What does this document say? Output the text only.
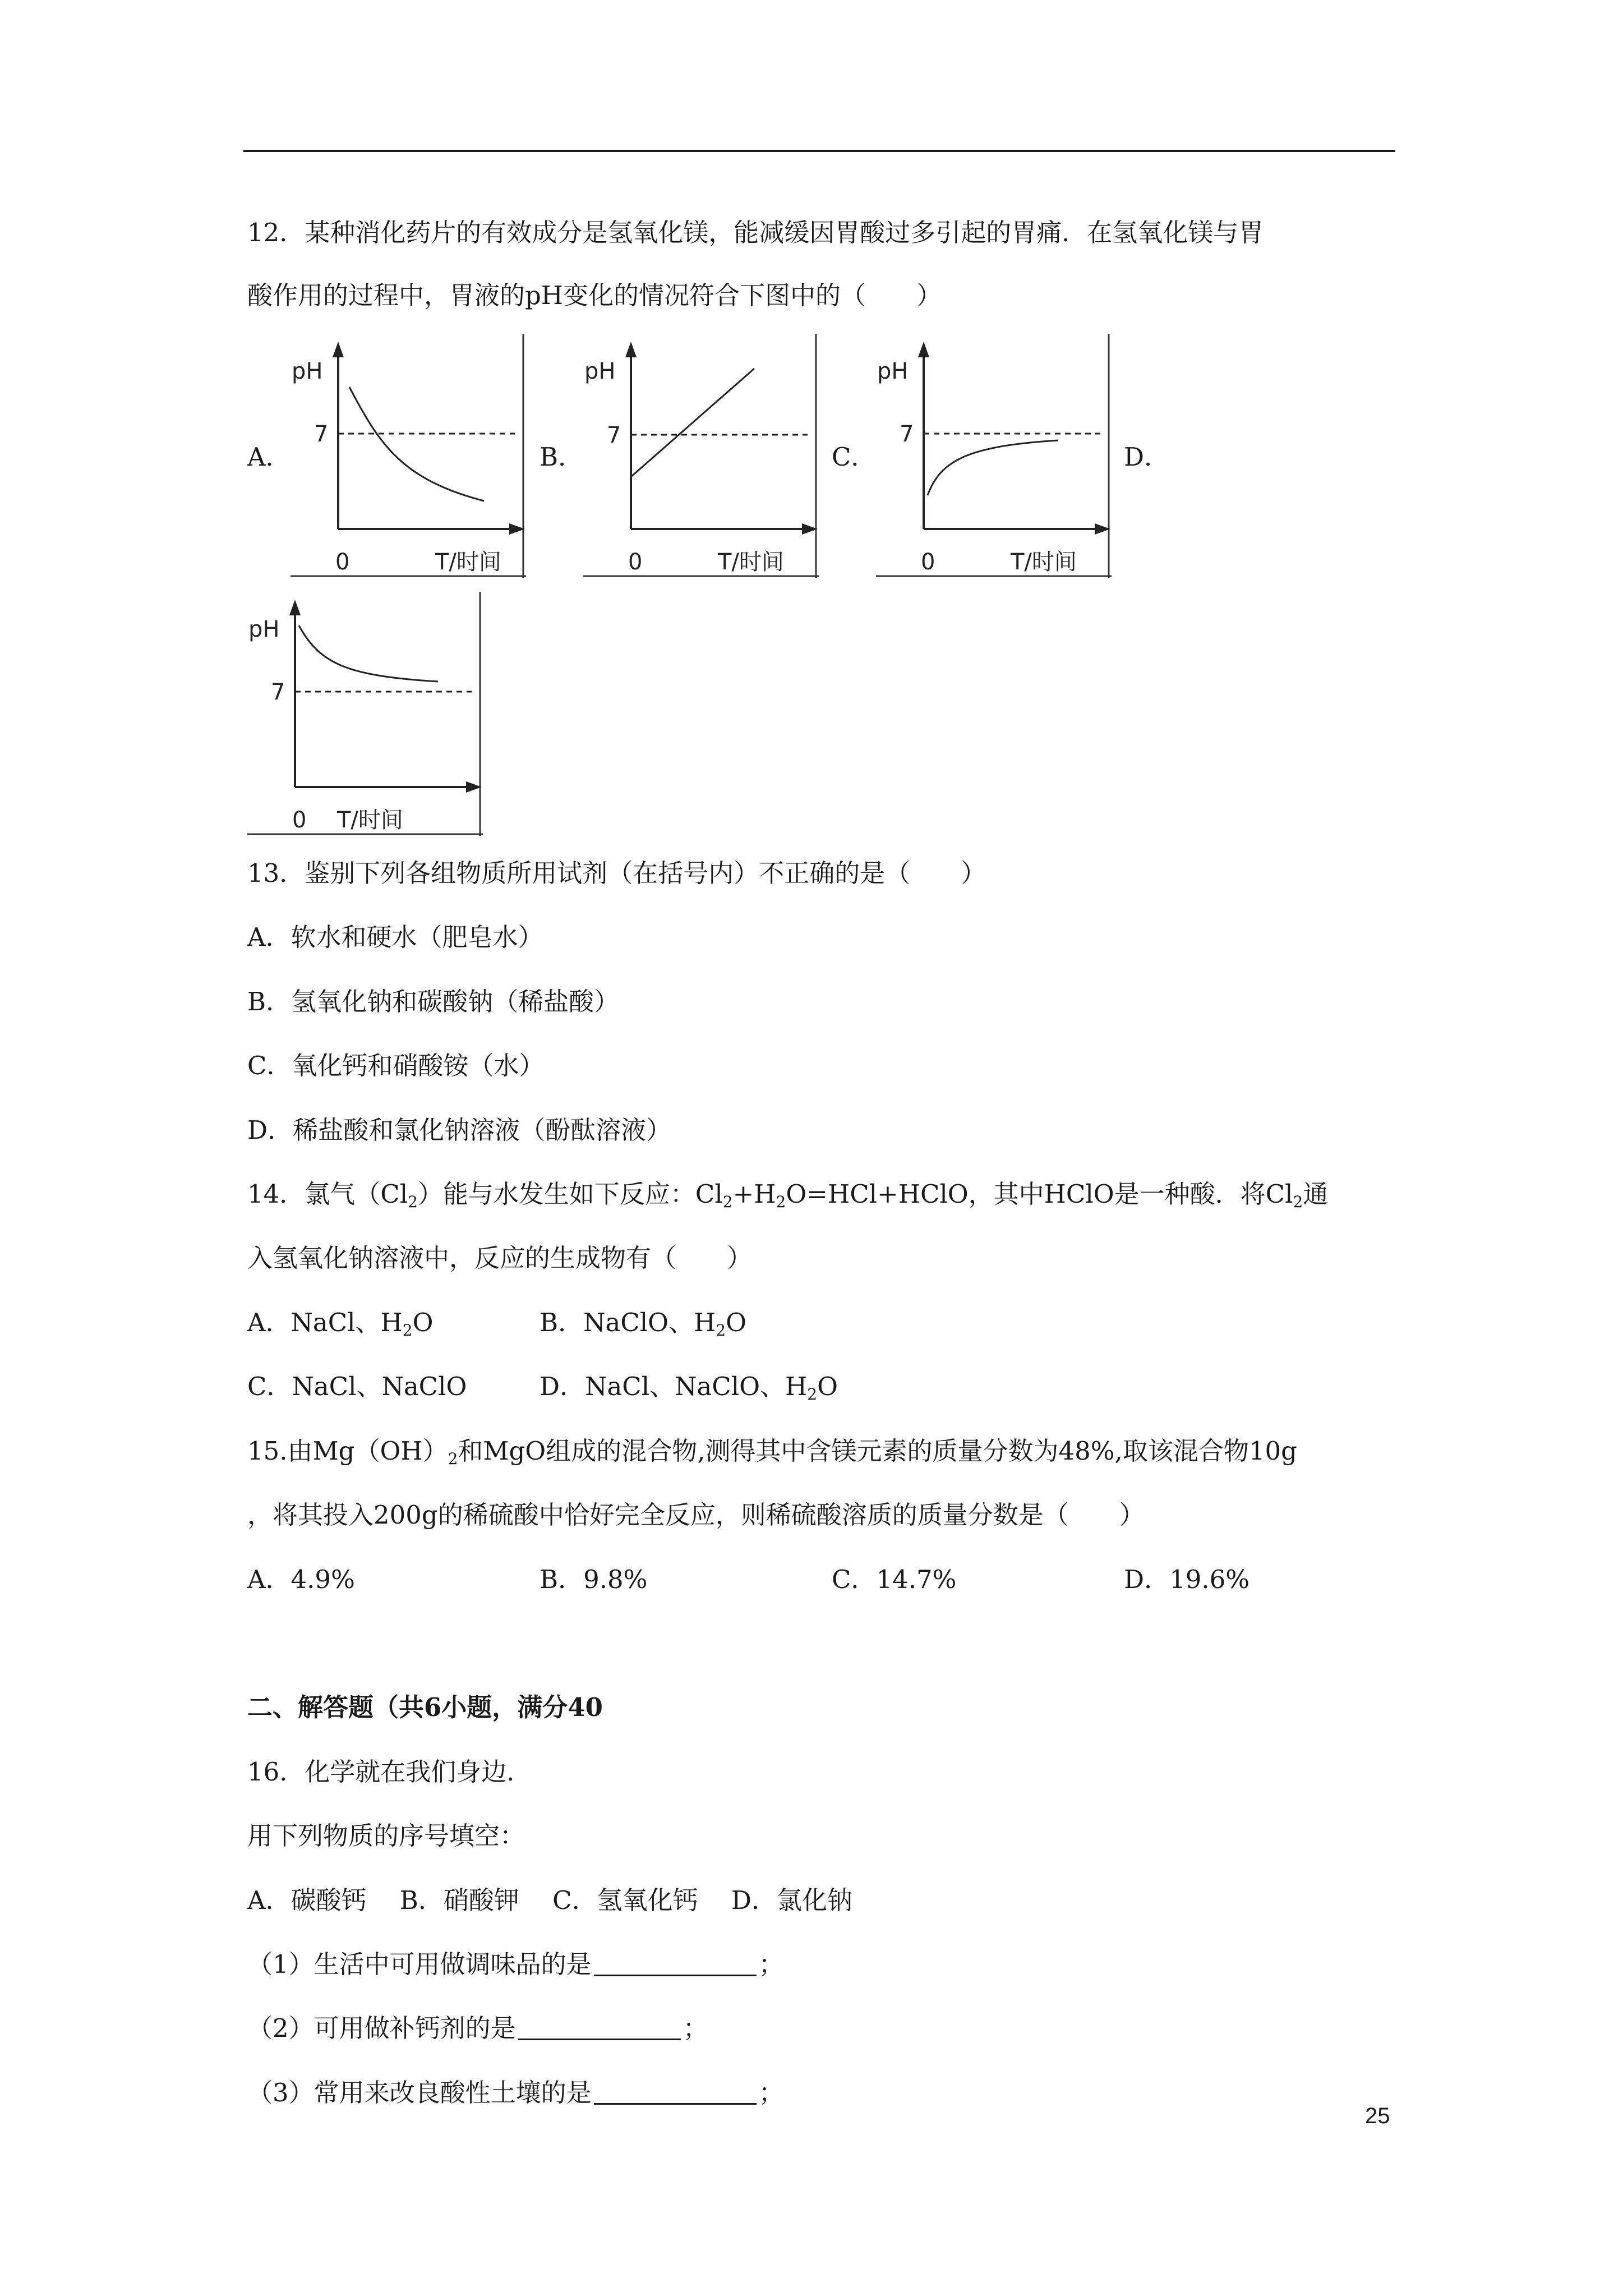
12．某种消化药片的有效成分是氢氧化镁，能减缓因胃酸过多引起的胃痛．在氢氧化镁与胃
酸作用的过程中，胃液的pH变化的情况符合下图中的（　　）
A．	B．	C．	D．
pH
7
0	T/时间
pH
7
0	T/时间
pH
7
0	T/时间
pH
7
0 T/时间
13．鉴别下列各组物质所用试剂（在括号内）不正确的是（　　）
A．软水和硬水（肥皂水）
B．氢氧化钠和碳酸钠（稀盐酸）
C．氧化钙和硝酸铵（水）
D．稀盐酸和氯化钠溶液（酚酞溶液）
14．氯气$(Cl_2)$能与水发生如下反应：$Cl_2+H_2O=HCl+HClO$，其中HClO是一种酸．将$Cl_2$通
入氢氧化钠溶液中，反应的生成物有（　　）
A．NaCl、$H_2O$	B．NaClO、$H_2O$
C．NaCl、NaClO	D．NaCl、NaClO、$H_2O$
15.由$Mg(OH)_2$和MgO组成的混合物,测得其中含镁元素的质量分数为48%,取该混合物10g
，将其投入200g的稀硫酸中恰好完全反应，则稀硫酸溶质的质量分数是（　　）
A．4.9%	B．9.8%	C．14.7%	D．19.6%
二、解答题（共6小题，满分40
16．化学就在我们身边．
用下列物质的序号填空：
A．碳酸钙　 B．硝酸钾　 C．氢氧化钙　 D．氯化钠
（1）生活中可用做调味品的是	；
（2）可用做补钙剂的是	；
（3）常用来改良酸性土壤的是	；
25
